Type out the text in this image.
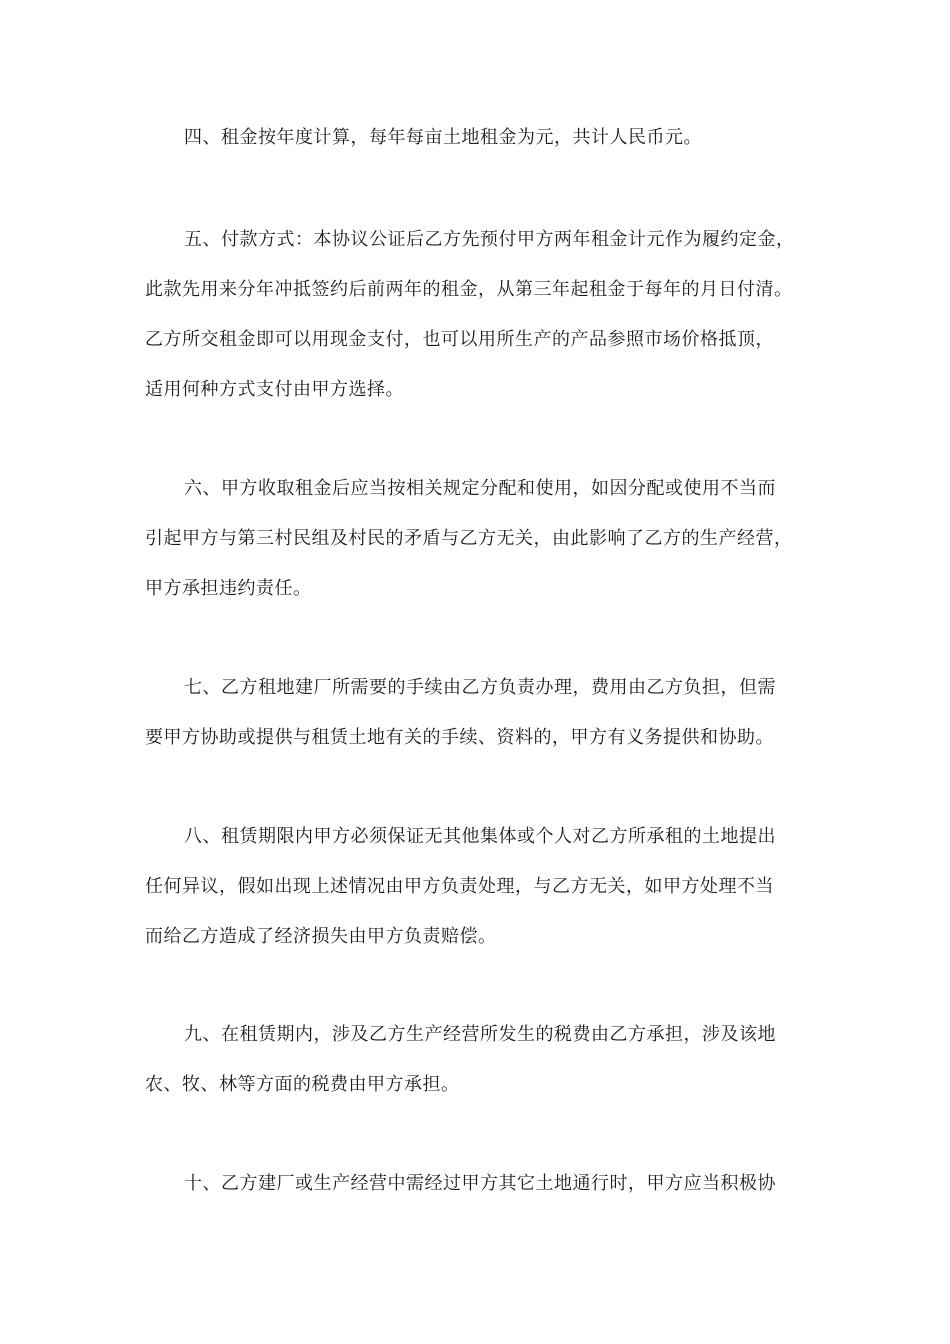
四、租金按年度计算，每年每亩土地租金为元，共计人民币元。
五、付款方式：本协议公证后乙方先预付甲方两年租金计元作为履约定金，
此款先用来分年冲抵签约后前两年的租金，从第三年起租金于每年的月日付清。
乙方所交租金即可以用现金支付，也可以用所生产的产品参照市场价格抵顶，
适用何种方式支付由甲方选择。
六、甲方收取租金后应当按相关规定分配和使用，如因分配或使用不当而
引起甲方与第三村民组及村民的矛盾与乙方无关，由此影响了乙方的生产经营，
甲方承担违约责任。
七、乙方租地建厂所需要的手续由乙方负责办理，费用由乙方负担，但需
要甲方协助或提供与租赁土地有关的手续、资料的，甲方有义务提供和协助。
八、租赁期限内甲方必须保证无其他集体或个人对乙方所承租的土地提出
任何异议，假如出现上述情况由甲方负责处理，与乙方无关，如甲方处理不当
而给乙方造成了经济损失由甲方负责赔偿。
九、在租赁期内，涉及乙方生产经营所发生的税费由乙方承担，涉及该地
农、牧、林等方面的税费由甲方承担。
十、乙方建厂或生产经营中需经过甲方其它土地通行时，甲方应当积极协
